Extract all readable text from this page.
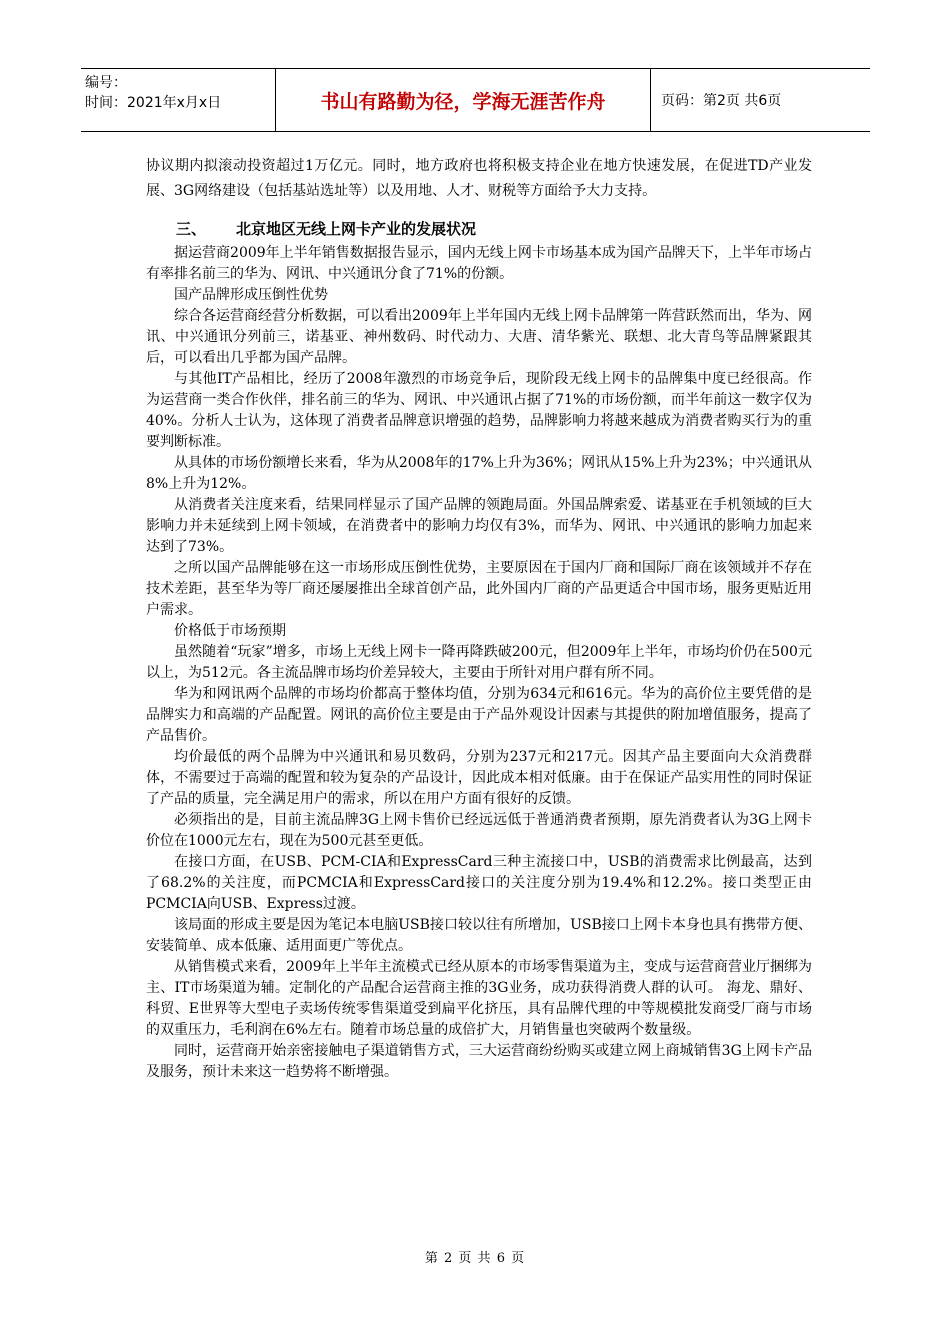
编号：
时间：2021年x月x日	书山有路勤为径，学海无涯苦作舟	页码：第2页 共6页

协议期内拟滚动投资超过1万亿元。同时，地方政府也将积极支持企业在地方快速发展，在促进TD产业发展、3G网络建设（包括基站选址等）以及用地、人才、财税等方面给予大力支持。

三、 北京地区无线上网卡产业的发展状况

据运营商2009年上半年销售数据报告显示，国内无线上网卡市场基本成为国产品牌天下，上半年市场占有率排名前三的华为、网讯、中兴通讯分食了71%的份额。

国产品牌形成压倒性优势

综合各运营商经营分析数据，可以看出2009年上半年国内无线上网卡品牌第一阵营跃然而出，华为、网讯、中兴通讯分列前三，诺基亚、神州数码、时代动力、大唐、清华紫光、联想、北大青鸟等品牌紧跟其后，可以看出几乎都为国产品牌。

与其他IT产品相比，经历了2008年激烈的市场竞争后，现阶段无线上网卡的品牌集中度已经很高。作为运营商一类合作伙伴，排名前三的华为、网讯、中兴通讯占据了71%的市场份额，而半年前这一数字仅为40%。分析人士认为，这体现了消费者品牌意识增强的趋势，品牌影响力将越来越成为消费者购买行为的重要判断标准。

从具体的市场份额增长来看，华为从2008年的17%上升为36%；网讯从15%上升为23%；中兴通讯从8%上升为12%。

从消费者关注度来看，结果同样显示了国产品牌的领跑局面。外国品牌索爱、诺基亚在手机领域的巨大影响力并未延续到上网卡领域，在消费者中的影响力均仅有3%，而华为、网讯、中兴通讯的影响力加起来达到了73%。

之所以国产品牌能够在这一市场形成压倒性优势，主要原因在于国内厂商和国际厂商在该领域并不存在技术差距，甚至华为等厂商还屡屡推出全球首创产品，此外国内厂商的产品更适合中国市场，服务更贴近用户需求。

价格低于市场预期

虽然随着“玩家”增多，市场上无线上网卡一降再降跌破200元，但2009年上半年，市场均价仍在500元以上，为512元。各主流品牌市场均价差异较大，主要由于所针对用户群有所不同。

华为和网讯两个品牌的市场均价都高于整体均值，分别为634元和616元。华为的高价位主要凭借的是品牌实力和高端的产品配置。网讯的高价位主要是由于产品外观设计因素与其提供的附加增值服务，提高了产品售价。

均价最低的两个品牌为中兴通讯和易贝数码，分别为237元和217元。因其产品主要面向大众消费群体，不需要过于高端的配置和较为复杂的产品设计，因此成本相对低廉。由于在保证产品实用性的同时保证了产品的质量，完全满足用户的需求，所以在用户方面有很好的反馈。

必须指出的是，目前主流品牌3G上网卡售价已经远远低于普通消费者预期，原先消费者认为3G上网卡价位在1000元左右，现在为500元甚至更低。

在接口方面，在USB、PCM-CIA和ExpressCard三种主流接口中，USB的消费需求比例最高，达到了68.2%的关注度，而PCMCIA和ExpressCard接口的关注度分别为19.4%和12.2%。接口类型正由PCMCIA向USB、Express过渡。

该局面的形成主要是因为笔记本电脑USB接口较以往有所增加，USB接口上网卡本身也具有携带方便、安装简单、成本低廉、适用面更广等优点。

从销售模式来看，2009年上半年主流模式已经从原本的市场零售渠道为主，变成与运营商营业厅捆绑为主、IT市场渠道为辅。定制化的产品配合运营商主推的3G业务，成功获得消费人群的认可。 海龙、鼎好、科贸、E世界等大型电子卖场传统零售渠道受到扁平化挤压，具有品牌代理的中等规模批发商受厂商与市场的双重压力，毛利润在6%左右。随着市场总量的成倍扩大，月销售量也突破两个数量级。

同时，运营商开始亲密接触电子渠道销售方式，三大运营商纷纷购买或建立网上商城销售3G上网卡产品及服务，预计未来这一趋势将不断增强。

第 2 页 共 6 页
